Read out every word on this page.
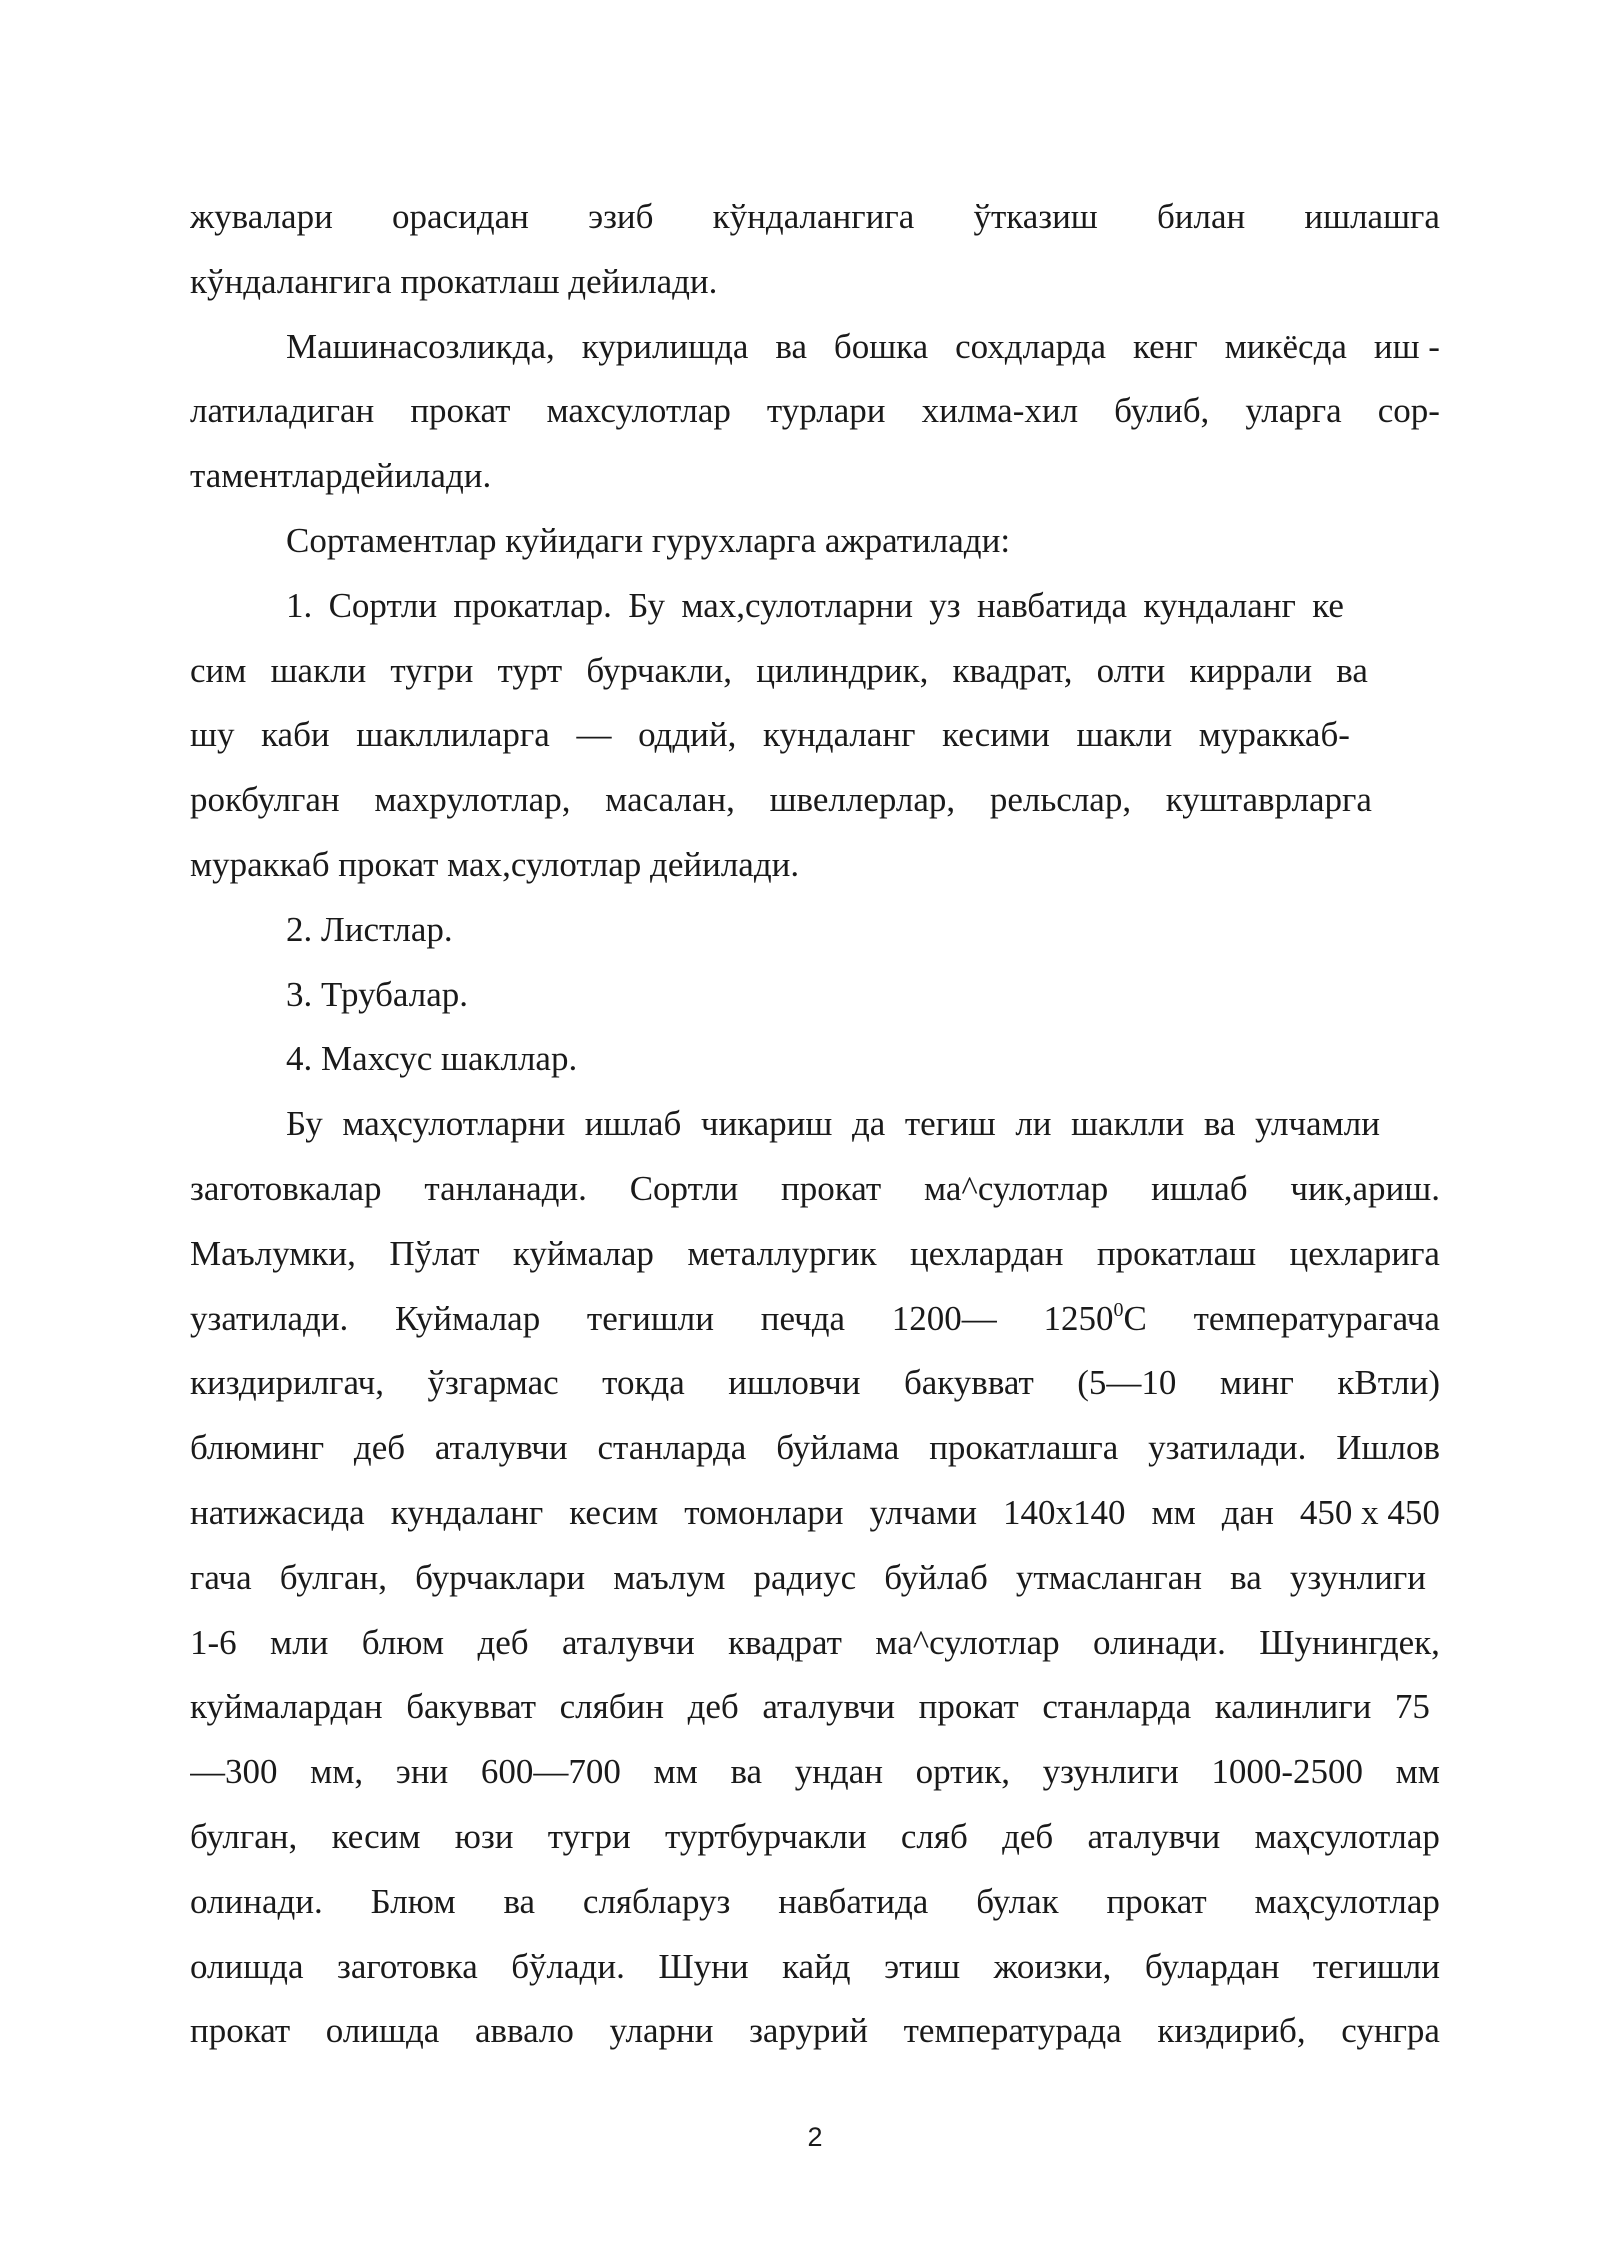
жувалари орасидан эзиб кўндалангига ўтказиш билан ишлашга
кўндалангига прокатлаш дейилади.
Машинасозликда, курилишда ва бошка сохдларда кенг микёсда иш -
латиладиган прокат махсулотлар турлари хилма-хил булиб, уларга сор-
таментлардейилади.
Сортаментлар куйидаги гурухларга ажратилади:
1. Сортли прокатлар. Бу мах,сулотларни уз навбатида кундаланг ке
сим шакли тугри турт бурчакли, цилиндрик, квадрат, олти киррали ва
шу каби шакллиларга — оддий, кундаланг кесими шакли мураккаб-
рокбулган махрулотлар, масалан, швеллерлар, рельслар, куштаврларга
мураккаб прокат мах,сулотлар дейилади.
2. Листлар.
3. Трубалар.
4. Махсус шакллар.
Бу маҳсулотларни ишлаб чикариш да тегиш ли шаклли ва улчамли
заготовкалар танланади. Сортли прокат ма^сулотлар ишлаб чик,ариш.
Маълумки, Пўлат куймалар металлургик цехлардан прокатлаш цехларига
узатилади. Куймалар тегишли печда 1200— 1250$^0$С температурагача
киздирилгач, ўзгармас токда ишловчи бакувват (5—10 минг кВтли)
блюминг деб аталувчи станларда буйлама прокатлашга узатилади. Ишлов
натижасида кундаланг кесим томонлари улчами 140х140 мм дан 450 х 450
гача булган, бурчаклари маълум радиус буйлаб утмасланган ва узунлиги
1-6 мли блюм деб аталувчи квадрат ма^сулотлар олинади. Шунингдек,
куймалардан бакувват слябин деб аталувчи прокат станларда калинлиги 75
—300 мм, эни 600—700 мм ва ундан ортик, узунлиги 1000-2500 мм
булган, кесим юзи тугри туртбурчакли сляб деб аталувчи маҳсулотлар
олинади. Блюм ва слябларуз навбатида булак прокат маҳсулотлар
олишда заготовка бўлади. Шуни кайд этиш жоизки, булардан тегишли
прокат олишда аввало уларни зарурий температурада киздириб, сунгра
2
